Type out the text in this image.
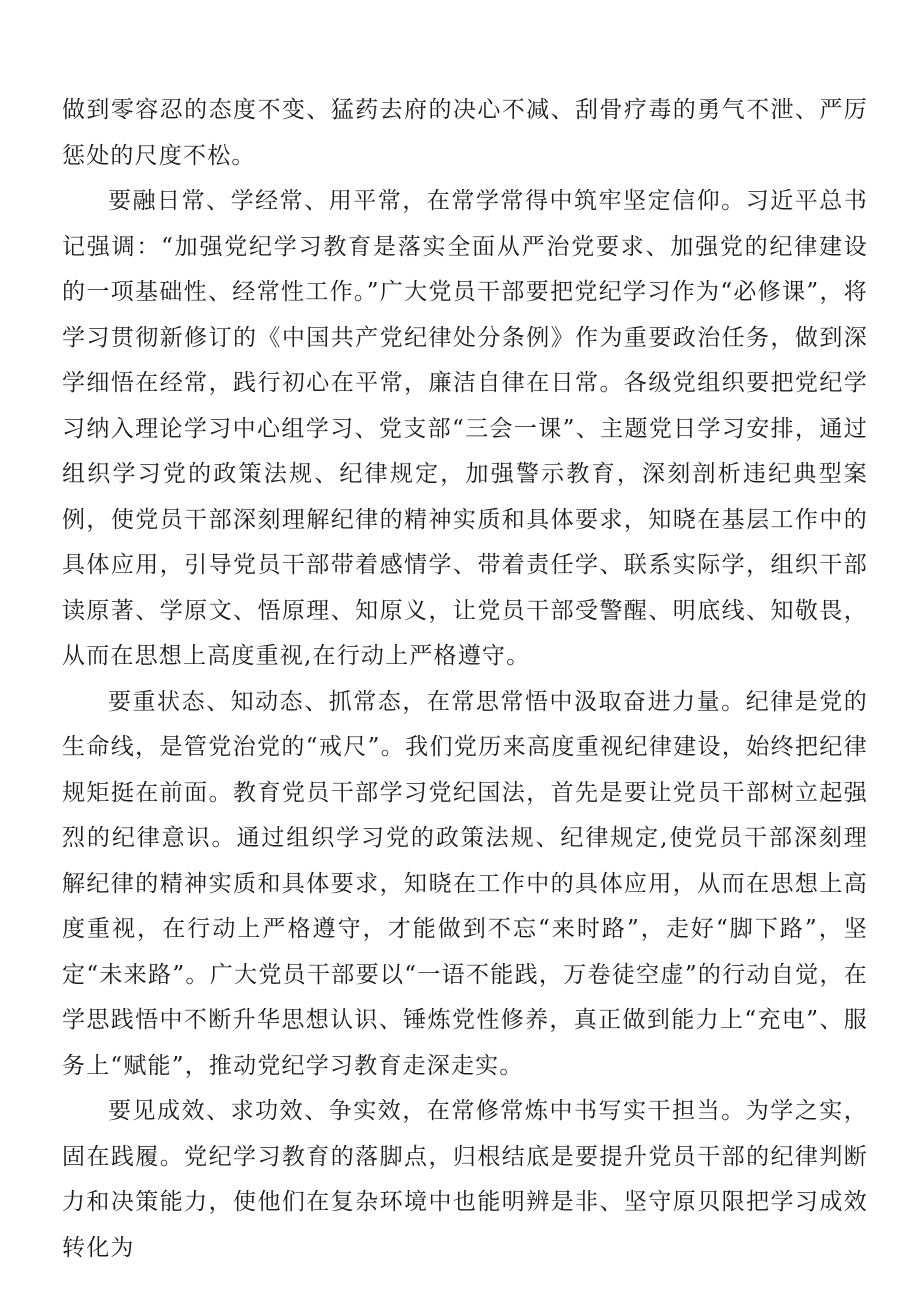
做到零容忍的态度不变、猛药去府的决心不减、刮骨疗毒的勇气不泄、严厉惩处的尺度不松。

要融日常、学经常、用平常，在常学常得中筑牢坚定信仰。习近平总书记强调：“加强党纪学习教育是落实全面从严治党要求、加强党的纪律建设的一项基础性、经常性工作。”广大党员干部要把党纪学习作为“必修课”，将学习贯彻新修订的《中国共产党纪律处分条例》作为重要政治任务，做到深学细悟在经常，践行初心在平常，廉洁自律在日常。各级党组织要把党纪学习纳入理论学习中心组学习、党支部“三会一课”、主题党日学习安排，通过组织学习党的政策法规、纪律规定，加强警示教育，深刻剖析违纪典型案例，使党员干部深刻理解纪律的精神实质和具体要求，知晓在基层工作中的具体应用，引导党员干部带着感情学、带着责任学、联系实际学，组织干部读原著、学原文、悟原理、知原义，让党员干部受警醒、明底线、知敬畏，从而在思想上高度重视,在行动上严格遵守。

要重状态、知动态、抓常态，在常思常悟中汲取奋进力量。纪律是党的生命线，是管党治党的“戒尺”。我们党历来高度重视纪律建设，始终把纪律规矩挺在前面。教育党员干部学习党纪国法，首先是要让党员干部树立起强烈的纪律意识。通过组织学习党的政策法规、纪律规定,使党员干部深刻理解纪律的精神实质和具体要求，知晓在工作中的具体应用，从而在思想上高度重视，在行动上严格遵守，才能做到不忘“来时路”，走好“脚下路”，坚定“未来路”。广大党员干部要以“一语不能践，万卷徒空虚”的行动自觉，在学思践悟中不断升华思想认识、锤炼党性修养，真正做到能力上“充电”、服务上“赋能”，推动党纪学习教育走深走实。

要见成效、求功效、争实效，在常修常炼中书写实干担当。为学之实，固在践履。党纪学习教育的落脚点，归根结底是要提升党员干部的纪律判断力和决策能力，使他们在复杂环境中也能明辨是非、坚守原贝限把学习成效转化为
